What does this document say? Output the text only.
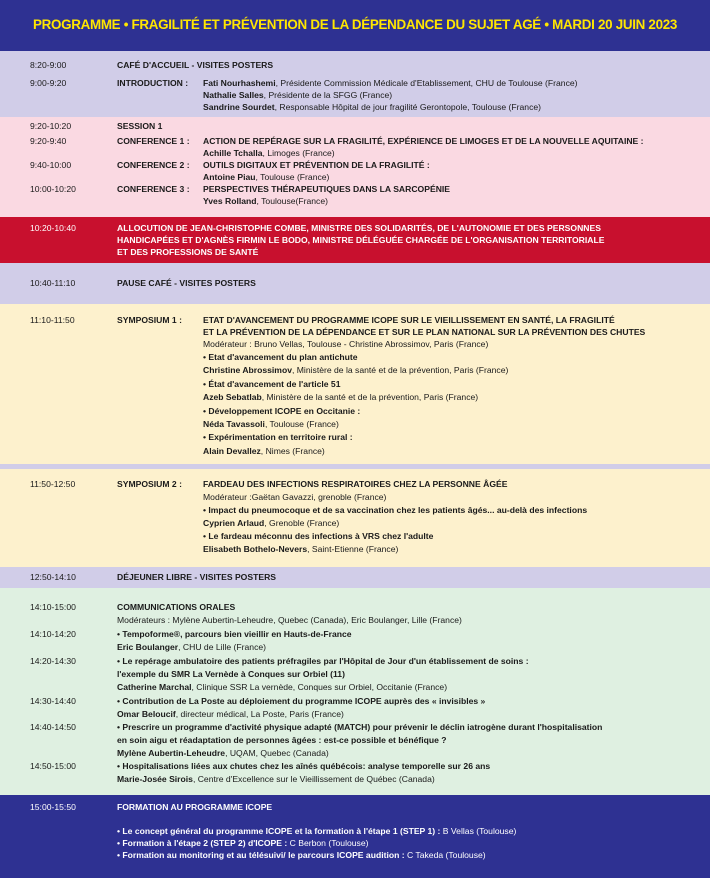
PROGRAMME • FRAGILITÉ ET PRÉVENTION DE LA DÉPENDANCE DU SUJET AGÉ • MARDI 20 JUIN 2023
8:20-9:00	CAFÉ D'ACCUEIL - VISITES POSTERS
9:00-9:20	INTRODUCTION : Fati Nourhashemi, Présidente Commission Médicale d'Etablissement, CHU de Toulouse (France)
Nathalie Salles, Présidente de la SFGG (France)
Sandrine Sourdet, Responsable Hôpital de jour fragilité Gerontopole, Toulouse (France)
9:20-10:20	SESSION 1
9:20-9:40	CONFERENCE 1 : ACTION DE REPÉRAGE SUR LA FRAGILITÉ, EXPÉRIENCE DE LIMOGES ET DE LA NOUVELLE AQUITAINE :
Achille Tchalla, Limoges (France)
9:40-10:00	CONFERENCE 2 : OUTILS DIGITAUX ET PRÉVENTION DE LA FRAGILITÉ :
Antoine Piau, Toulouse (France)
10:00-10:20	CONFERENCE 3 : PERSPECTIVES THÉRAPEUTIQUES DANS LA SARCOPÉNIE
Yves Rolland, Toulouse(France)
10:20-10:40	ALLOCUTION DE JEAN-CHRISTOPHE COMBE, MINISTRE DES SOLIDARITÉS, DE L'AUTONOMIE ET DES PERSONNES
HANDICAPÉES ET D'AGNÈS FIRMIN LE BODO, MINISTRE DÉLÉGUÉE CHARGÉE DE L'ORGANISATION TERRITORIALE
ET DES PROFESSIONS DE SANTÉ
10:40-11:10	PAUSE CAFÉ - VISITES POSTERS
11:10-11:50	SYMPOSIUM 1 : ETAT D'AVANCEMENT DU PROGRAMME ICOPE SUR LE VIEILLISSEMENT EN SANTÉ, LA FRAGILITÉ
ET LA PRÉVENTION DE LA DÉPENDANCE ET SUR LE PLAN NATIONAL SUR LA PRÉVENTION DES CHUTES
Modérateur : Bruno Vellas, Toulouse - Christine Abrossimov, Paris (France)
• Etat d'avancement du plan antichute
Christine Abrossimov, Ministère de la santé et de la prévention, Paris (France)
• État d'avancement de l'article 51
Azeb Sebatlab, Ministère de la santé et de la prévention, Paris (France)
• Développement ICOPE en Occitanie :
Néda Tavassoli, Toulouse (France)
• Expérimentation en territoire rural :
Alain Devallez, Nimes (France)
11:50-12:50	SYMPOSIUM 2 : FARDEAU DES INFECTIONS RESPIRATOIRES CHEZ LA PERSONNE ÂGÉE
Modérateur :Gaëtan Gavazzi, grenoble (France)
• Impact du pneumocoque et de sa vaccination chez les patients âgés... au-delà des infections
Cyprien Arlaud, Grenoble (France)
• Le fardeau méconnu des infections à VRS chez l'adulte
Elisabeth Bothelo-Nevers, Saint-Etienne (France)
12:50-14:10	DÉJEUNER LIBRE - VISITES POSTERS
14:10-15:00	COMMUNICATIONS ORALES
Modérateurs : Mylène Aubertin-Leheudre, Quebec (Canada), Eric Boulanger, Lille (France)
14:10-14:20	• Tempoforme®, parcours bien vieillir en Hauts-de-France
Eric Boulanger, CHU de Lille (France)
14:20-14:30	• Le repérage ambulatoire des patients préfragiles par l'Hôpital de Jour d'un établissement de soins :
l'exemple du SMR La Vernède à Conques sur Orbiel (11)
Catherine Marchal, Clinique SSR La vernède, Conques sur Orbiel, Occitanie (France)
14:30-14:40	• Contribution de La Poste au déploiement du programme ICOPE auprès des « invisibles »
Omar Beloucif, directeur médical, La Poste, Paris (France)
14:40-14:50	• Prescrire un programme d'activité physique adapté (MATCH) pour prévenir le déclin iatrogène durant l'hospitalisation
en soin aigu et réadaptation de personnes âgées : est-ce possible et bénéfique ?
Mylène Aubertin-Leheudre, UQAM, Quebec (Canada)
14:50-15:00	• Hospitalisations liées aux chutes chez les aînés québécois: analyse temporelle sur 26 ans
Marie-Josée Sirois, Centre d'Excellence sur le Vieillissement de Québec (Canada)
15:00-15:50	FORMATION AU PROGRAMME ICOPE
• Le concept général du programme ICOPE et la formation à l'étape 1 (STEP 1) : B Vellas (Toulouse)
• Formation à l'étape 2 (STEP 2) d'ICOPE : C Berbon (Toulouse)
• Formation au monitoring et au télésuivi/ le parcours ICOPE audition : C Takeda (Toulouse)
